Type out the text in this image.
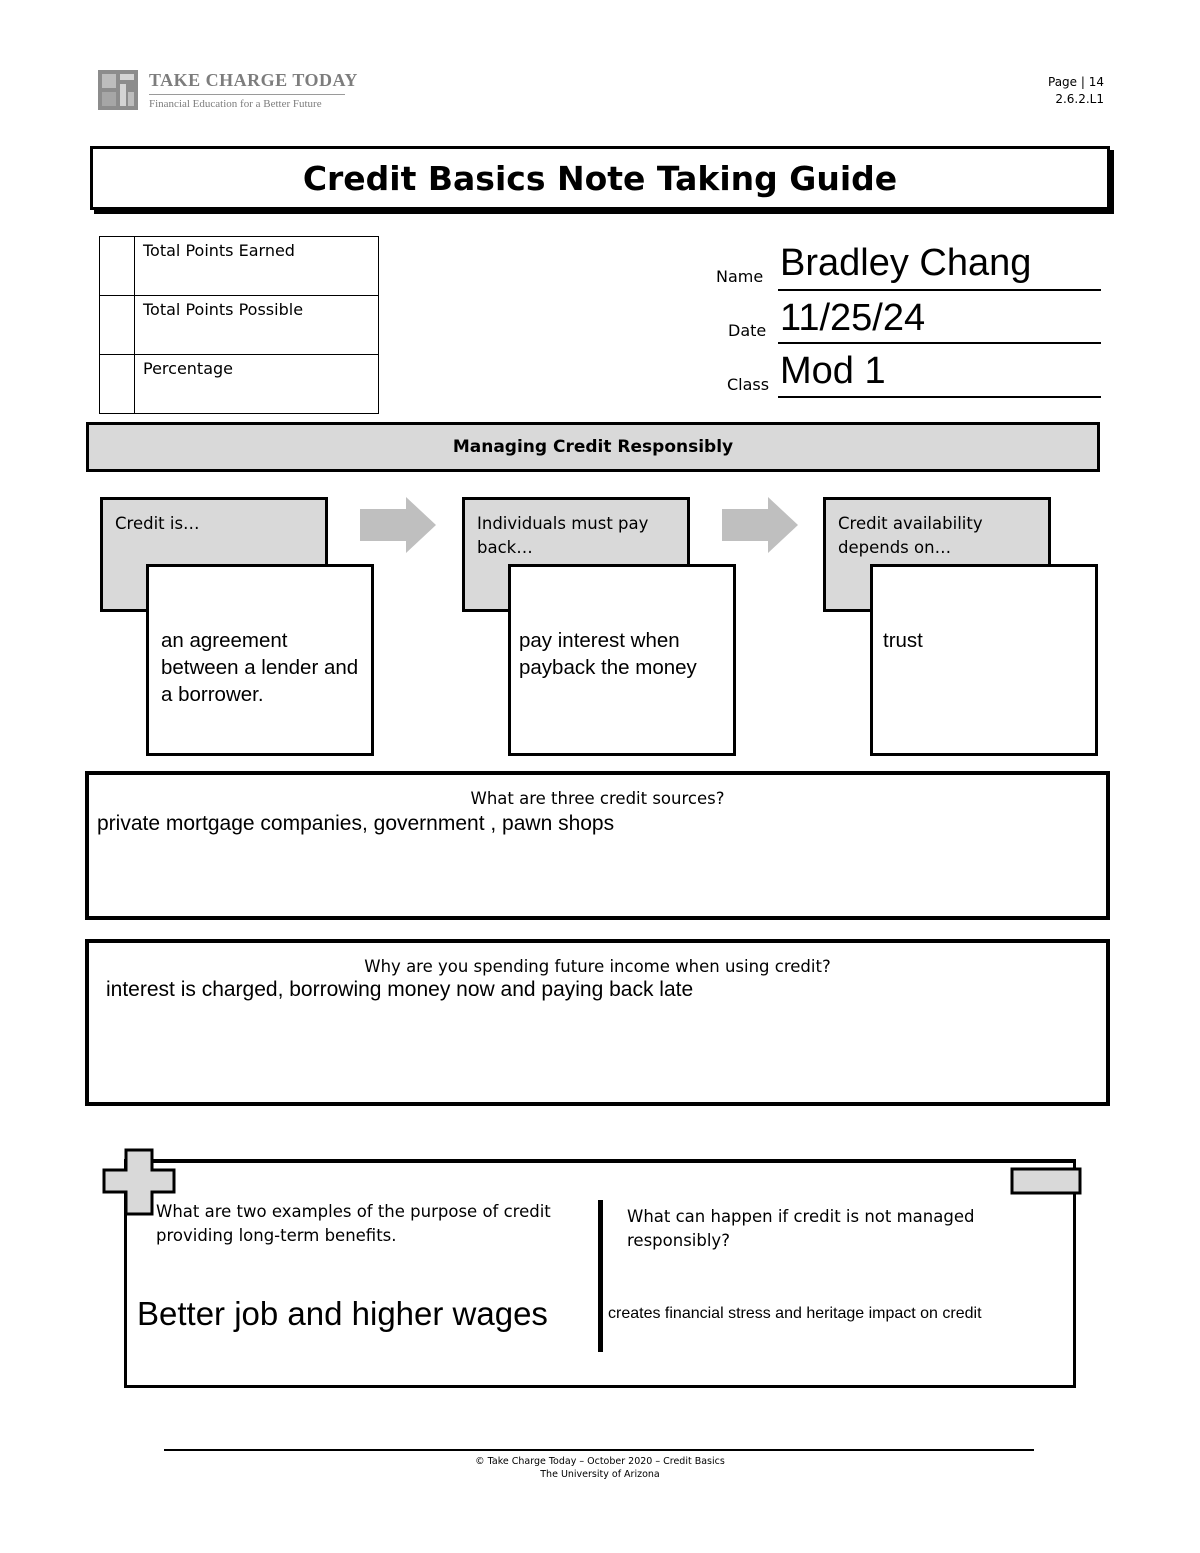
TAKE CHARGE TODAY
Financial Education for a Better Future
Page | 14
2.6.2.L1
Credit Basics Note Taking Guide
	Total Points Earned
	Total Points Possible
	Percentage
Name Bradley Chang
Date 11/25/24
Class Mod 1
Managing Credit Responsibly
Credit is…
an agreement between a lender and a borrower.
Individuals must pay back…
pay interest when payback the money
Credit availability depends on…
trust
What are three credit sources?
private mortgage companies, government , pawn shops
Why are you spending future income when using credit?
interest is charged, borrowing money now and paying back late
What are two examples of the purpose of credit providing long-term benefits.
Better job and higher wages
What can happen if credit is not managed responsibly?
creates financial stress and heritage impact on credit
© Take Charge Today – October 2020 – Credit Basics
The University of Arizona
